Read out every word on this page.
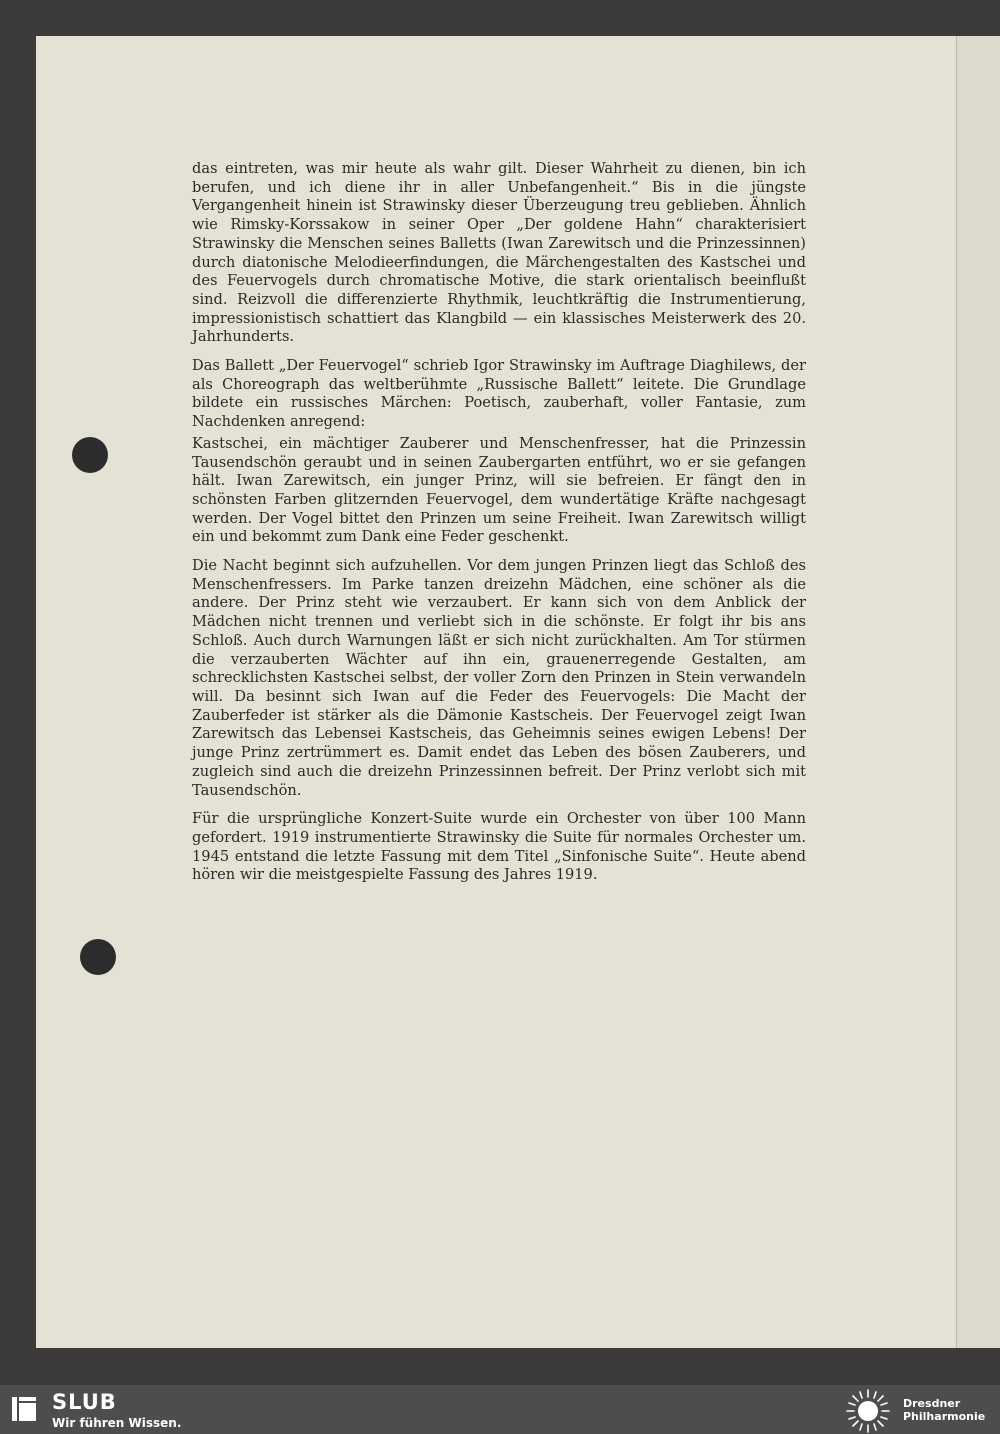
das eintreten, was mir heute als wahr gilt. Dieser Wahrheit zu dienen, bin ich berufen, und ich diene ihr in aller Unbefangenheit.“ Bis in die jüngste Vergangenheit hinein ist Strawinsky dieser Überzeugung treu geblieben. Ähnlich wie Rimsky-Korssakow in seiner Oper „Der goldene Hahn“ charakterisiert Strawinsky die Menschen seines Balletts (Iwan Zarewitsch und die Prinzessinnen) durch diatonische Melodieerfindungen, die Märchengestalten des Kastschei und des Feuervogels durch chromatische Motive, die stark orientalisch beeinflußt sind. Reizvoll die differenzierte Rhythmik, leuchtkräftig die Instrumentierung, impressionistisch schattiert das Klangbild — ein klassisches Meisterwerk des 20. Jahrhunderts.

Das Ballett „Der Feuervogel“ schrieb Igor Strawinsky im Auftrage Diaghilews, der als Choreograph das weltberühmte „Russische Ballett“ leitete. Die Grundlage bildete ein russisches Märchen: Poetisch, zauberhaft, voller Fantasie, zum Nachdenken anregend:

Kastschei, ein mächtiger Zauberer und Menschenfresser, hat die Prinzessin Tausendschön geraubt und in seinen Zaubergarten entführt, wo er sie gefangen hält. Iwan Zarewitsch, ein junger Prinz, will sie befreien. Er fängt den in schönsten Farben glitzernden Feuervogel, dem wundertätige Kräfte nachgesagt werden. Der Vogel bittet den Prinzen um seine Freiheit. Iwan Zarewitsch willigt ein und bekommt zum Dank eine Feder geschenkt.

Die Nacht beginnt sich aufzuhellen. Vor dem jungen Prinzen liegt das Schloß des Menschenfressers. Im Parke tanzen dreizehn Mädchen, eine schöner als die andere. Der Prinz steht wie verzaubert. Er kann sich von dem Anblick der Mädchen nicht trennen und verliebt sich in die schönste. Er folgt ihr bis ans Schloß. Auch durch Warnungen läßt er sich nicht zurückhalten. Am Tor stürmen die verzauberten Wächter auf ihn ein, grauenerregende Gestalten, am schrecklichsten Kastschei selbst, der voller Zorn den Prinzen in Stein verwandeln will. Da besinnt sich Iwan auf die Feder des Feuervogels: Die Macht der Zauberfeder ist stärker als die Dämonie Kastscheis. Der Feuervogel zeigt Iwan Zarewitsch das Lebensei Kastscheis, das Geheimnis seines ewigen Lebens! Der junge Prinz zertrümmert es. Damit endet das Leben des bösen Zauberers, und zugleich sind auch die dreizehn Prinzessinnen befreit. Der Prinz verlobt sich mit Tausendschön.

Für die ursprüngliche Konzert-Suite wurde ein Orchester von über 100 Mann gefordert. 1919 instrumentierte Strawinsky die Suite für normales Orchester um. 1945 entstand die letzte Fassung mit dem Titel „Sinfonische Suite“. Heute abend hören wir die meistgespielte Fassung des Jahres 1919.

SLUB
Wir führen Wissen.
Dresdner
Philharmonie
